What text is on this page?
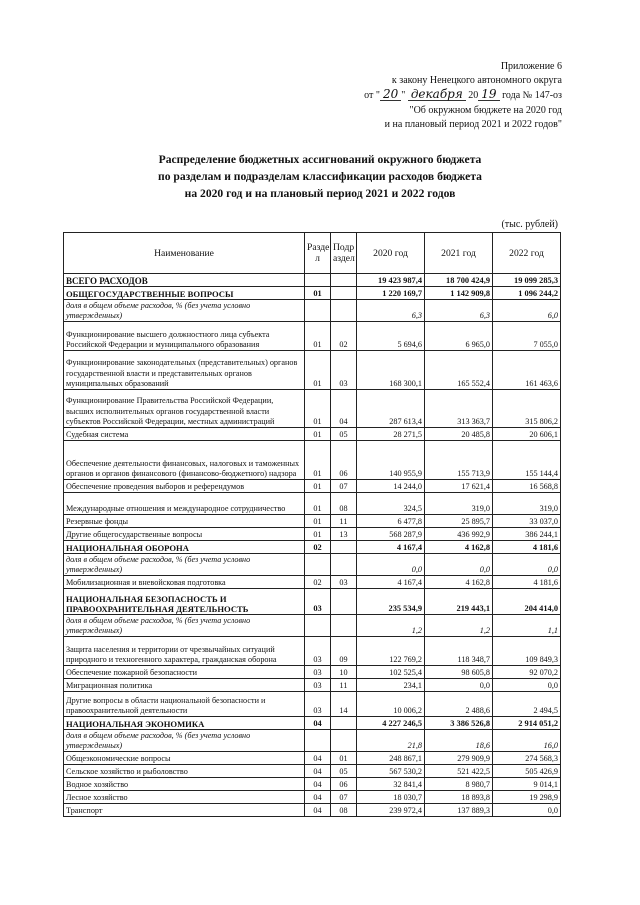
Приложение 6
к закону Ненецкого автономного округа
от " 20 " декабря 20 19 года № 147-оз
"Об окружном бюджете на 2020 год
и на плановый период 2021 и 2022 годов"
Распределение бюджетных ассигнований окружного бюджета
по разделам и подразделам классификации расходов бюджета
на 2020 год и на плановый период 2021 и 2022 годов
(тыс. рублей)
Наименование	Разде л	Подр аздел	2020 год	2021 год	2022 год
ВСЕГО РАСХОДОВ			19 423 987,4	18 700 424,9	19 099 285,3
ОБЩЕГОСУДАРСТВЕННЫЕ ВОПРОСЫ	01		1 220 169,7	1 142 909,8	1 096 244,2
доля в общем объеме расходов, % (без учета условно утвержденных)			6,3	6,3	6,0
Функционирование высшего должностного лица субъекта Российской Федерации и муниципального образования	01	02	5 694,6	6 965,0	7 055,0
Функционирование законодательных (представительных) органов государственной власти и представительных органов муниципальных образований	01	03	168 300,1	165 552,4	161 463,6
Функционирование Правительства Российской Федерации, высших исполнительных органов государственной власти субъектов Российской Федерации, местных администраций	01	04	287 613,4	313 363,7	315 806,2
Судебная система	01	05	28 271,5	20 485,8	20 606,1
Обеспечение деятельности финансовых, налоговых и таможенных органов и органов финансового (финансово-бюджетного) надзора	01	06	140 955,9	155 713,9	155 144,4
Обеспечение проведения выборов и референдумов	01	07	14 244,0	17 621,4	16 568,8
Международные отношения и международное сотрудничество	01	08	324,5	319,0	319,0
Резервные фонды	01	11	6 477,8	25 895,7	33 037,0
Другие общегосударственные вопросы	01	13	568 287,9	436 992,9	386 244,1
НАЦИОНАЛЬНАЯ ОБОРОНА	02		4 167,4	4 162,8	4 181,6
доля в общем объеме расходов, % (без учета условно утвержденных)			0,0	0,0	0,0
Мобилизационная и вневойсковая подготовка	02	03	4 167,4	4 162,8	4 181,6
НАЦИОНАЛЬНАЯ БЕЗОПАСНОСТЬ И ПРАВООХРАНИТЕЛЬНАЯ ДЕЯТЕЛЬНОСТЬ	03		235 534,9	219 443,1	204 414,0
доля в общем объеме расходов, % (без учета условно утвержденных)			1,2	1,2	1,1
Защита населения и территории от чрезвычайных ситуаций природного и техногенного характера, гражданская оборона	03	09	122 769,2	118 348,7	109 849,3
Обеспечение пожарной безопасности	03	10	102 525,4	98 605,8	92 070,2
Миграционная политика	03	11	234,1	0,0	0,0
Другие вопросы в области национальной безопасности и правоохранительной деятельности	03	14	10 006,2	2 488,6	2 494,5
НАЦИОНАЛЬНАЯ ЭКОНОМИКА	04		4 227 246,5	3 386 526,8	2 914 051,2
доля в общем объеме расходов, % (без учета условно утвержденных)			21,8	18,6	16,0
Общеэкономические вопросы	04	01	248 867,1	279 909,9	274 568,3
Сельское хозяйство и рыболовство	04	05	567 530,2	521 422,5	505 426,9
Водное хозяйство	04	06	32 841,4	8 980,7	9 014,1
Лесное хозяйство	04	07	18 030,7	18 893,8	19 298,9
Транспорт	04	08	239 972,4	137 889,3	0,0
